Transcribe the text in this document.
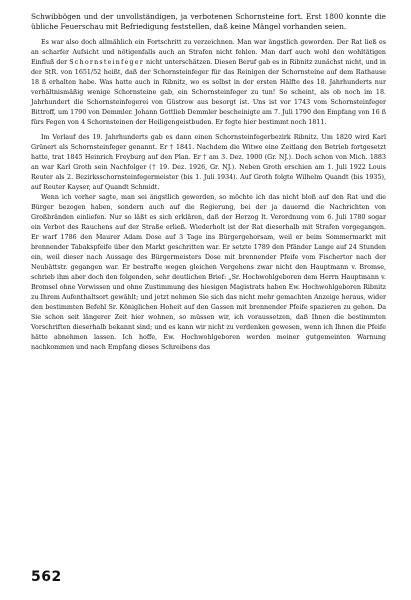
Schwibbögen und der unvollständigen, ja verbotenen Schornsteine fort. Erst 1800 konnte die übliche Feuerschau mit Befriedigung feststellen, daß keine Mängel vorhanden seien.

Es war also doch allmählich ein Fortschritt zu verzeichnen. Man war ängstlich geworden. Der Rat ließ es an scharfer Aufsicht und nötigenfalls auch an Strafen nicht fehlen. Man darf auch wohl den wohltätigen Einfluß der Schornsteinfeger nicht unterschätzen. Diesen Beruf gab es in Ribnitz zunächst nicht, und in der StR. von 1651/52 heißt, daß der Schornsteinfeger für das Reinigen der Schornsteine auf dem Rathause 18 ß erhalten habe. Was hatte auch in Ribnitz, wo es selbst in der ersten Hälfte des 18. Jahrhunderts nur verhältnismäßig wenige Schornsteine gab, ein Schornsteinfeger zu tun! So scheint, als ob noch im 18. Jahrhundert die Schornsteinfegerei von Güstrow aus besorgt ist. Uns ist vor 1743 vom Schornsteinfeger Bittroff, um 1790 von Demmler. Johann Gottlieb Demmler bescheinigte am 7. Juli 1790 den Empfang von 16 ß fürs Fegen von 4 Schornsteinen der Heiligengeistbuden. Er fegte hier bestimmt noch 1811.

Im Verlauf des 19. Jahrhunderts gab es dann einen Schornsteinfegerbezirk Ribnitz. Um 1820 wird Karl Grünert als Schornsteinfeger genannt. Er † 1841. Nachdem die Witwe eine Zeitlang den Betrieb fortgesetzt hatte, trat 1845 Heinrich Freyburg auf den Plan. Er † am 3. Dez. 1900 (Gr. NJ.). Doch schon von Mich. 1883 an war Karl Groth sein Nachfolger († 19. Dez. 1926, Gr. NJ.). Neben Groth erschien am 1. Juli 1922 Louis Reuter als 2. Bezirksschornsteinfegermeister (bis 1. Juli 1934). Auf Groth folgte Wilhelm Quandt (bis 1935), auf Reuter Kayser, auf Quandt Schmidt.

Wenn ich vorher sagte, man sei ängstlich geworden, so möchte ich das nicht bloß auf den Rat und die Bürger bezogen haben, sondern auch auf die Regierung, bei der ja dauernd die Nachrichten von Großbränden einliefen. Nur so läßt es sich erklären, daß der Herzog lt. Verordnung vom 6. Juli 1780 sogar ein Verbot des Rauchens auf der Straße erließ. Wiederholt ist der Rat dieserhalb mit Strafen vorgegangen. Er warf 1786 den Maurer Adam Dose auf 3 Tage ins Bürgergehorsam, weil er beim Sommermarkt mit brennender Tabakspfeife über den Markt geschritten war. Er setzte 1789 den Pfänder Lange auf 24 Stunden ein, weil dieser nach Aussage des Bürgermeisters Dose mit brennender Pfeife vom Fischertor nach der Neubättstr. gegangen war. Er bestrafte wegen gleichen Vergehens zwar nicht den Hauptmann v. Bromse, schrieb ihm aber doch den folgenden, sehr deutlichen Brief: „Sr. Hochwohlgeboren dem Herrn Hauptmann v. Bromsel ohne Vorwissen und ohne Zustimmung des hiesigen Magistrats haben Ew. Hochwohlgeboren Ribnitz zu Ihrem Aufenthaltsort gewählt; und jetzt nehmen Sie sich das nicht mehr gemachten Anzeige heraus, wider den bestimmten Befehl Sr. Königlichen Hoheit auf den Gassen mit brennender Pfeife spazieren zu gehen. Da Sie schon seit längerer Zeit hier wohnen, so müssen wir, ich voraussetzen, daß Ihnen die bestimmten Vorschriften dieserhalb bekannt sind; und es kann wir nicht zu verdenken gewesen, wenn ich Ihnen die Pfeife hätte abnehmen lassen. Ich hoffe, Ew. Hochwohlgeboren werden meiner gutgemeinten Warnung nachkommen und nach Empfang dieses Schreibens das

562
